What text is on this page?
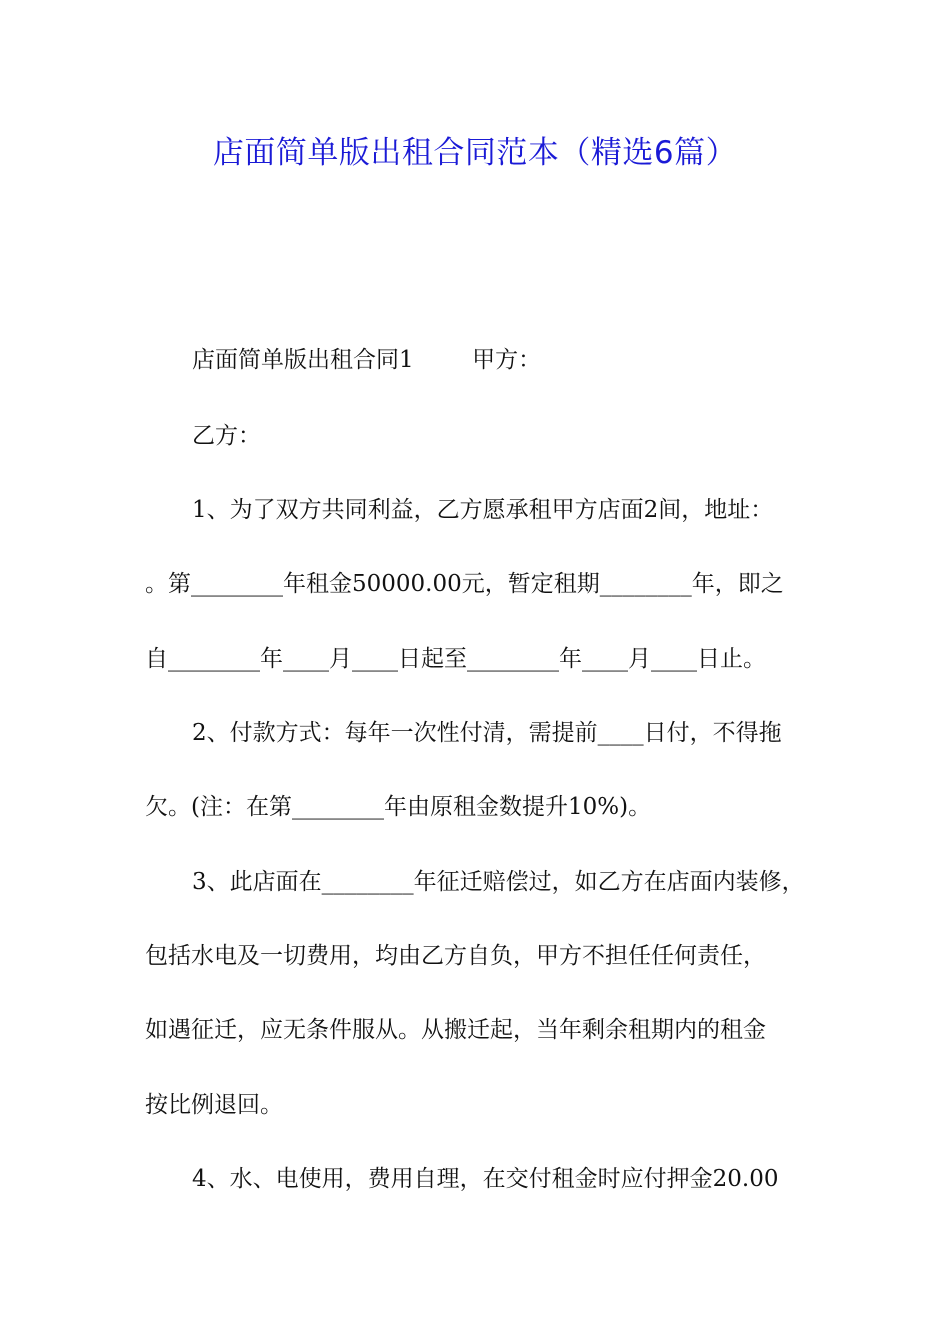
店面简单版出租合同范本（精选6篇）
店面简单版出租合同1        甲方：
乙方：
1、为了双方共同利益，乙方愿承租甲方店面2间，地址：
。第________年租金50000.00元，暂定租期________年，即之
自________年____月____日起至________年____月____日止。
2、付款方式：每年一次性付清，需提前____日付，不得拖
欠。(注：在第________年由原租金数提升10%)。
3、此店面在________年征迁赔偿过，如乙方在店面内装修，
包括水电及一切费用，均由乙方自负，甲方不担任任何责任，
如遇征迁，应无条件服从。从搬迁起，当年剩余租期内的租金
按比例退回。
4、水、电使用，费用自理，在交付租金时应付押金20.00
